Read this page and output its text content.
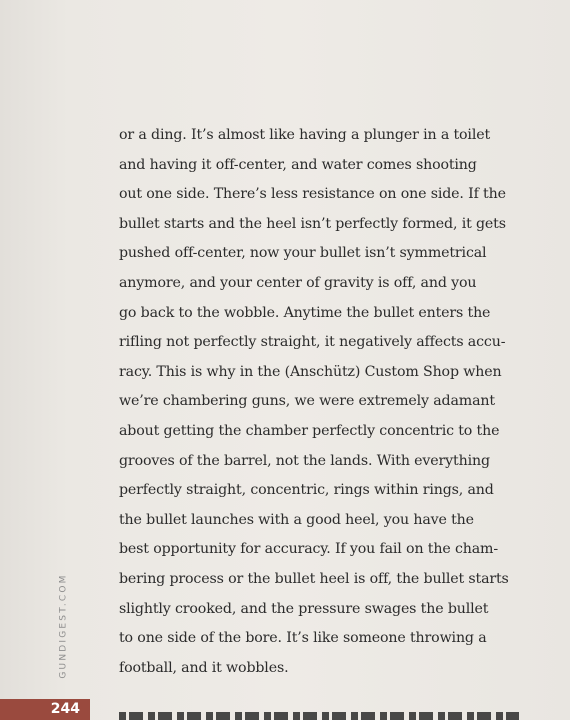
or a ding. It’s almost like having a plunger in a toilet
and having it off-center, and water comes shooting
out one side. There’s less resistance on one side. If the
bullet starts and the heel isn’t perfectly formed, it gets
pushed off-center, now your bullet isn’t symmetrical
anymore, and your center of gravity is off, and you
go back to the wobble. Anytime the bullet enters the
rifling not perfectly straight, it negatively affects accu-
racy. This is why in the (Anschütz) Custom Shop when
we’re chambering guns, we were extremely adamant
about getting the chamber perfectly concentric to the
grooves of the barrel, not the lands. With everything
perfectly straight, concentric, rings within rings, and
the bullet launches with a good heel, you have the
best opportunity for accuracy. If you fail on the cham-
bering process or the bullet heel is off, the bullet starts
slightly crooked, and the pressure swages the bullet
to one side of the bore. It’s like someone throwing a
football, and it wobbles.

GUNDIGEST.COM
244
